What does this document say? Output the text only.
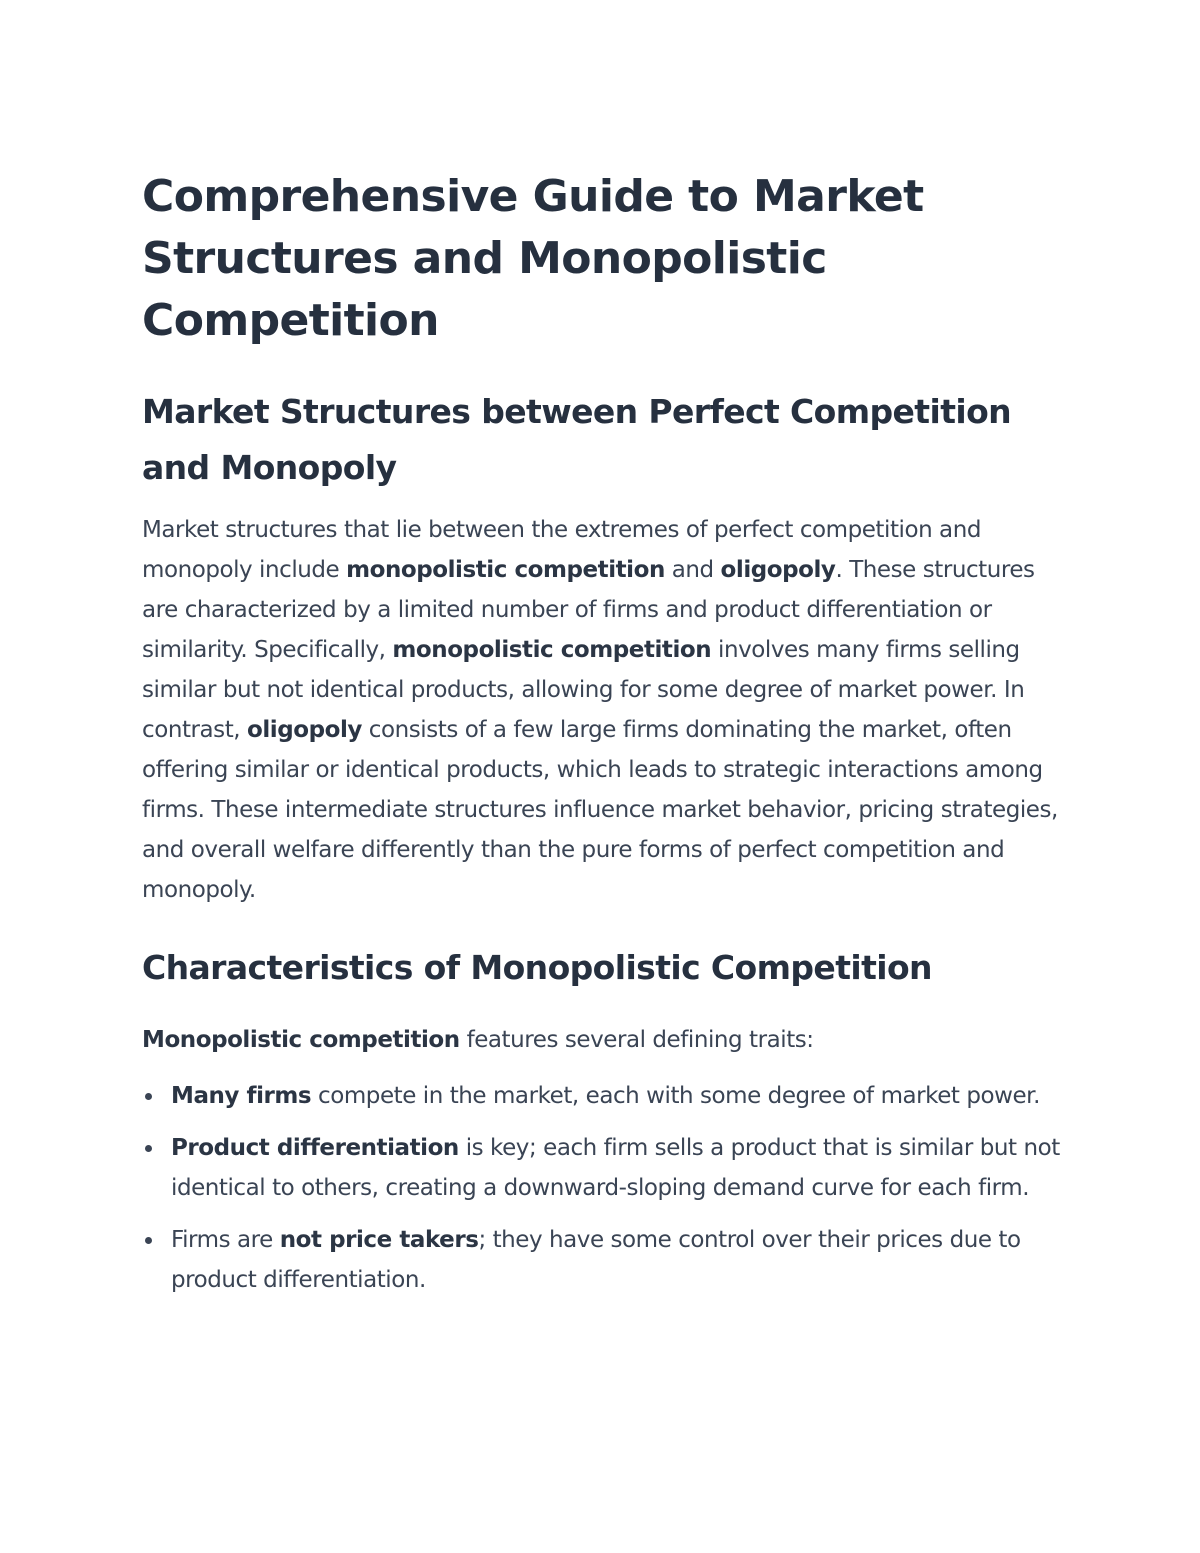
Comprehensive Guide to Market Structures and Monopolistic Competition
Market Structures between Perfect Competition and Monopoly

Market structures that lie between the extremes of perfect competition and monopoly include monopolistic competition and oligopoly. These structures are characterized by a limited number of firms and product differentiation or similarity. Specifically, monopolistic competition involves many firms selling similar but not identical products, allowing for some degree of market power. In contrast, oligopoly consists of a few large firms dominating the market, often offering similar or identical products, which leads to strategic interactions among firms. These intermediate structures influence market behavior, pricing strategies, and overall welfare differently than the pure forms of perfect competition and monopoly.

Characteristics of Monopolistic Competition

Monopolistic competition features several defining traits:

Many firms compete in the market, each with some degree of market power.
Product differentiation is key; each firm sells a product that is similar but not identical to others, creating a downward-sloping demand curve for each firm.
Firms are not price takers; they have some control over their prices due to product differentiation.
